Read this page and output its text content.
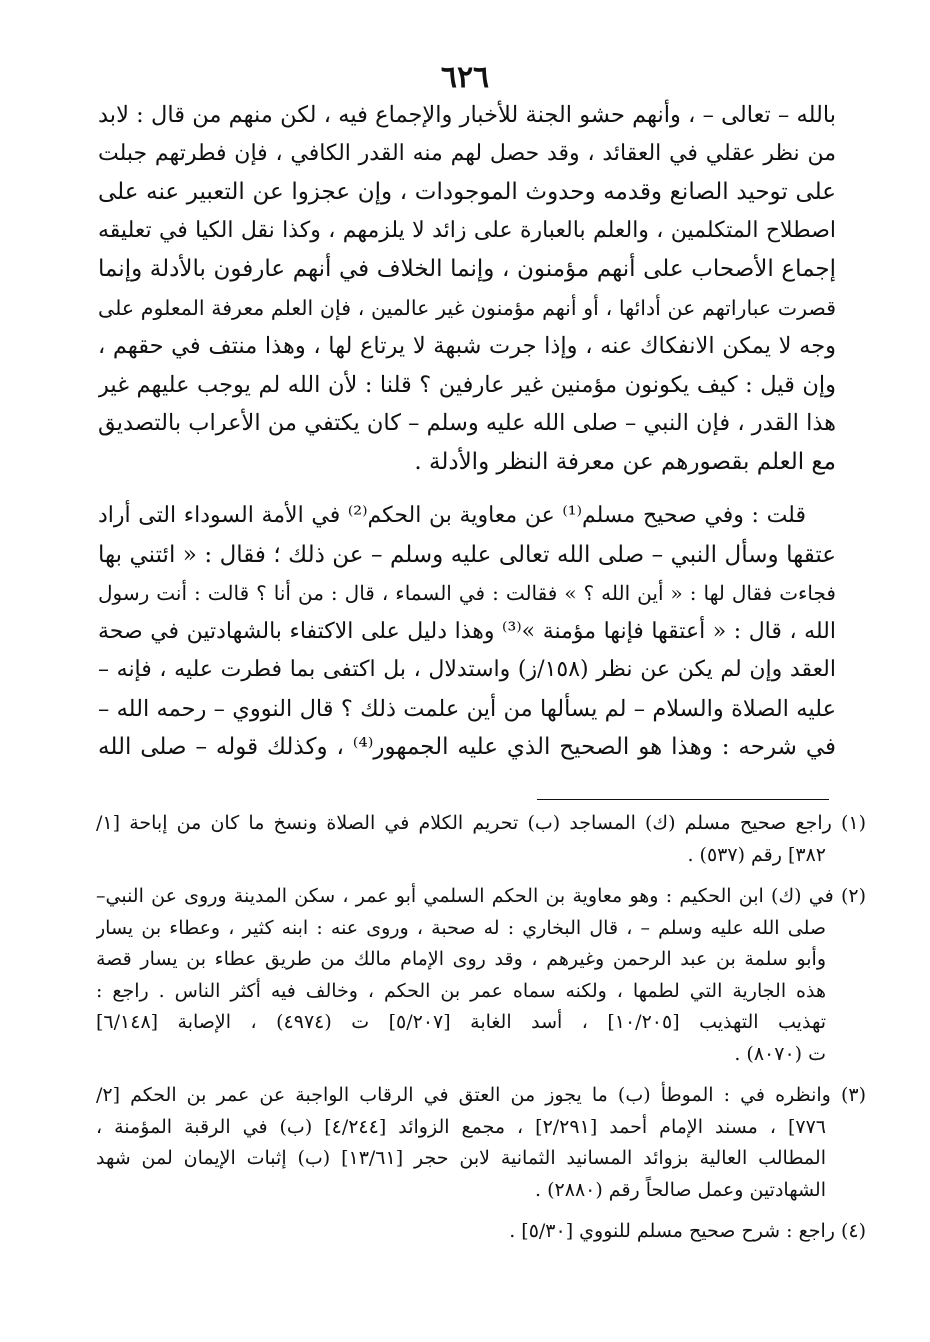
٦٢٦
بالله – تعالى – ، وأنهم حشو الجنة للأخبار والإجماع فيه ، لكن منهم من قال : لابد
من نظر عقلي في العقائد ، وقد حصل لهم منه القدر الكافي ، فإن فطرتهم جبلت
على توحيد الصانع وقدمه وحدوث الموجودات ، وإن عجزوا عن التعبير عنه على
اصطلاح المتكلمين ، والعلم بالعبارة على زائد لا يلزمهم ، وكذا نقل الكيا في تعليقه
إجماع الأصحاب على أنهم مؤمنون ، وإنما الخلاف في أنهم عارفون بالأدلة وإنما
قصرت عباراتهم عن أدائها ، أو أنهم مؤمنون غير عالمين ، فإن العلم معرفة المعلوم على
وجه لا يمكن الانفكاك عنه ، وإذا جرت شبهة لا يرتاع لها ، وهذا منتف في حقهم ،
وإن قيل : كيف يكونون مؤمنين غير عارفين ؟ قلنا : لأن الله لم يوجب عليهم غير
هذا القدر ، فإن النبي – صلى الله عليه وسلم – كان يكتفي من الأعراب بالتصديق
مع العلم بقصورهم عن معرفة النظر والأدلة .
قلت : وفي صحيح مسلم⁽¹⁾ عن معاوية بن الحكم⁽²⁾ في الأمة السوداء التى أراد
عتقها وسأل النبي – صلى الله تعالى عليه وسلم – عن ذلك ؛ فقال : « ائتني بها
فجاءت فقال لها : « أين الله ؟ » فقالت : في السماء ، قال : من أنا ؟ قالت : أنت رسول
الله ، قال : « أعتقها فإنها مؤمنة »⁽³⁾ وهذا دليل على الاكتفاء بالشهادتين في صحة
العقد وإن لم يكن عن نظر (١٥٨/ز) واستدلال ، بل اكتفى بما فطرت عليه ، فإنه –
عليه الصلاة والسلام – لم يسألها من أين علمت ذلك ؟ قال النووي – رحمه الله –
في شرحه : وهذا هو الصحيح الذي عليه الجمهور⁽⁴⁾ ، وكذلك قوله – صلى الله
(١) راجع صحيح مسلم (ك) المساجد (ب) تحريم الكلام في الصلاة ونسخ ما كان من إباحة [١/
٣٨٢] رقم (٥٣٧) .
(٢) في (ك) ابن الحكيم : وهو معاوية بن الحكم السلمي أبو عمر ، سكن المدينة وروى عن النبي–
صلى الله عليه وسلم – ، قال البخاري : له صحبة ، وروى عنه : ابنه كثير ، وعطاء بن يسار
وأبو سلمة بن عبد الرحمن وغيرهم ، وقد روى الإمام مالك من طريق عطاء بن يسار قصة
هذه الجارية التي لطمها ، ولكنه سماه عمر بن الحكم ، وخالف فيه أكثر الناس . راجع :
تهذيب التهذيب [١٠/٢٠٥] ، أسد الغابة [٥/٢٠٧] ت (٤٩٧٤) ، الإصابة [٦/١٤٨]
ت (٨٠٧٠) .
(٣) وانظره في : الموطأ (ب) ما يجوز من العتق في الرقاب الواجبة عن عمر بن الحكم [٢/
٧٧٦] ، مسند الإمام أحمد [٢/٢٩١] ، مجمع الزوائد [٤/٢٤٤] (ب) في الرقبة المؤمنة ،
المطالب العالية بزوائد المسانيد الثمانية لابن حجر [١٣/٦١] (ب) إثبات الإيمان لمن شهد
الشهادتين وعمل صالحاً رقم (٢٨٨٠) .
(٤) راجع : شرح صحيح مسلم للنووي [٥/٣٠] .
